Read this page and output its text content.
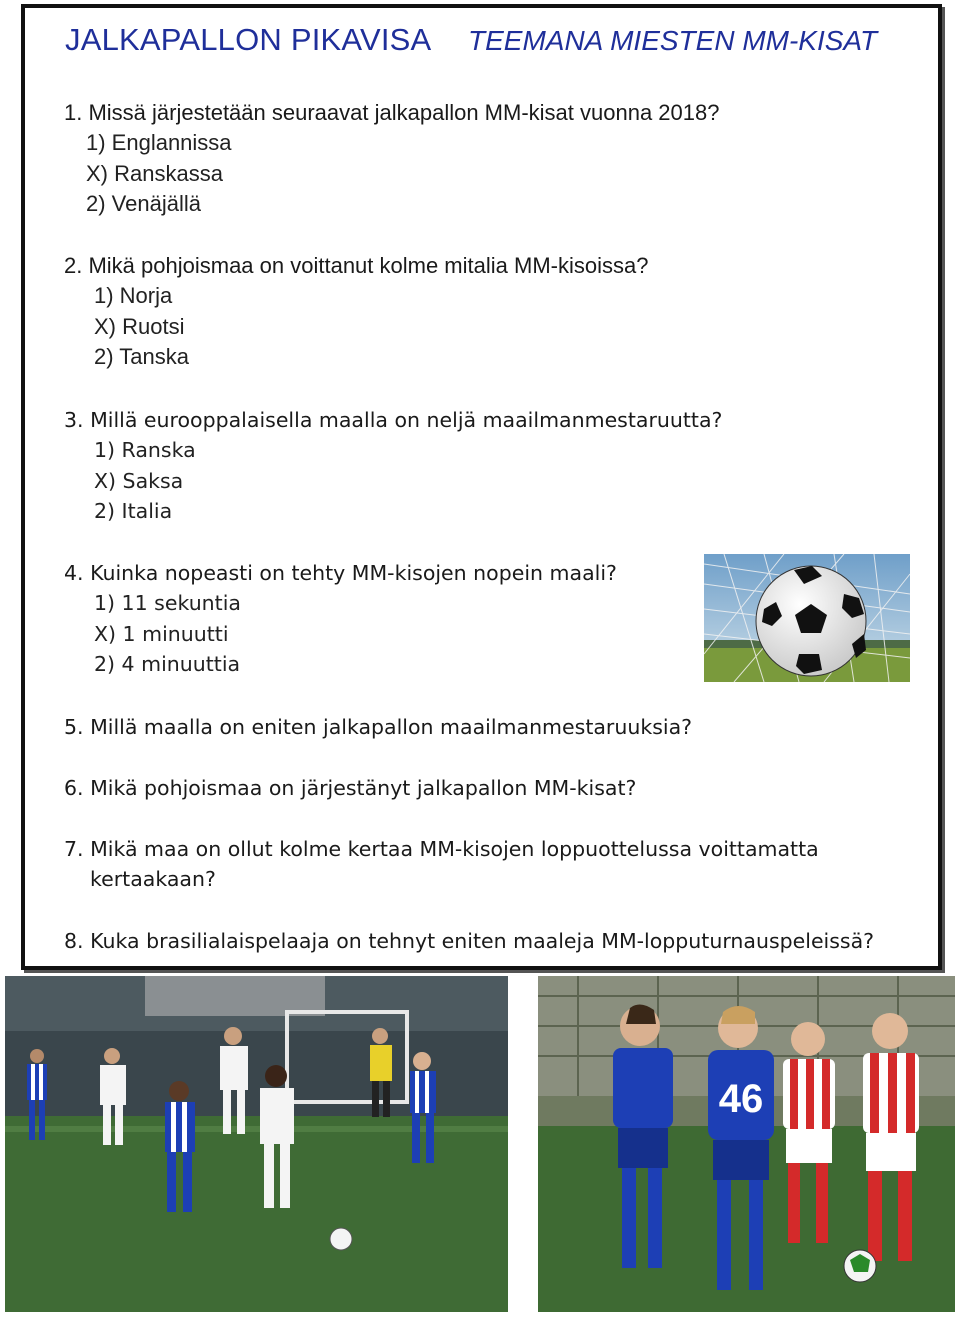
JALKAPALLON PIKAVISA TEEMANA MIESTEN MM-KISAT
1. Missä järjestetään seuraavat jalkapallon MM-kisat vuonna 2018?
1) Englannissa
X) Ranskassa
2) Venäjällä
2. Mikä pohjoismaa on voittanut kolme mitalia MM-kisoissa?
1) Norja
X) Ruotsi
2) Tanska
3. Millä eurooppalaisella maalla on neljä maailmanmestaruutta?
1) Ranska
X) Saksa
2) Italia
4. Kuinka nopeasti on tehty MM-kisojen nopein maali?
1) 11 sekuntia
X) 1 minuutti
2) 4 minuuttia
5. Millä maalla on eniten jalkapallon maailmanmestaruuksia?
6. Mikä pohjoismaa on järjestänyt jalkapallon MM-kisat?
7. Mikä maa on ollut kolme kertaa MM-kisojen loppuottelussa voittamatta
kertaakaan?
8. Kuka brasilialaispelaaja on tehnyt eniten maaleja MM-lopputurnauspeleissä?
46
